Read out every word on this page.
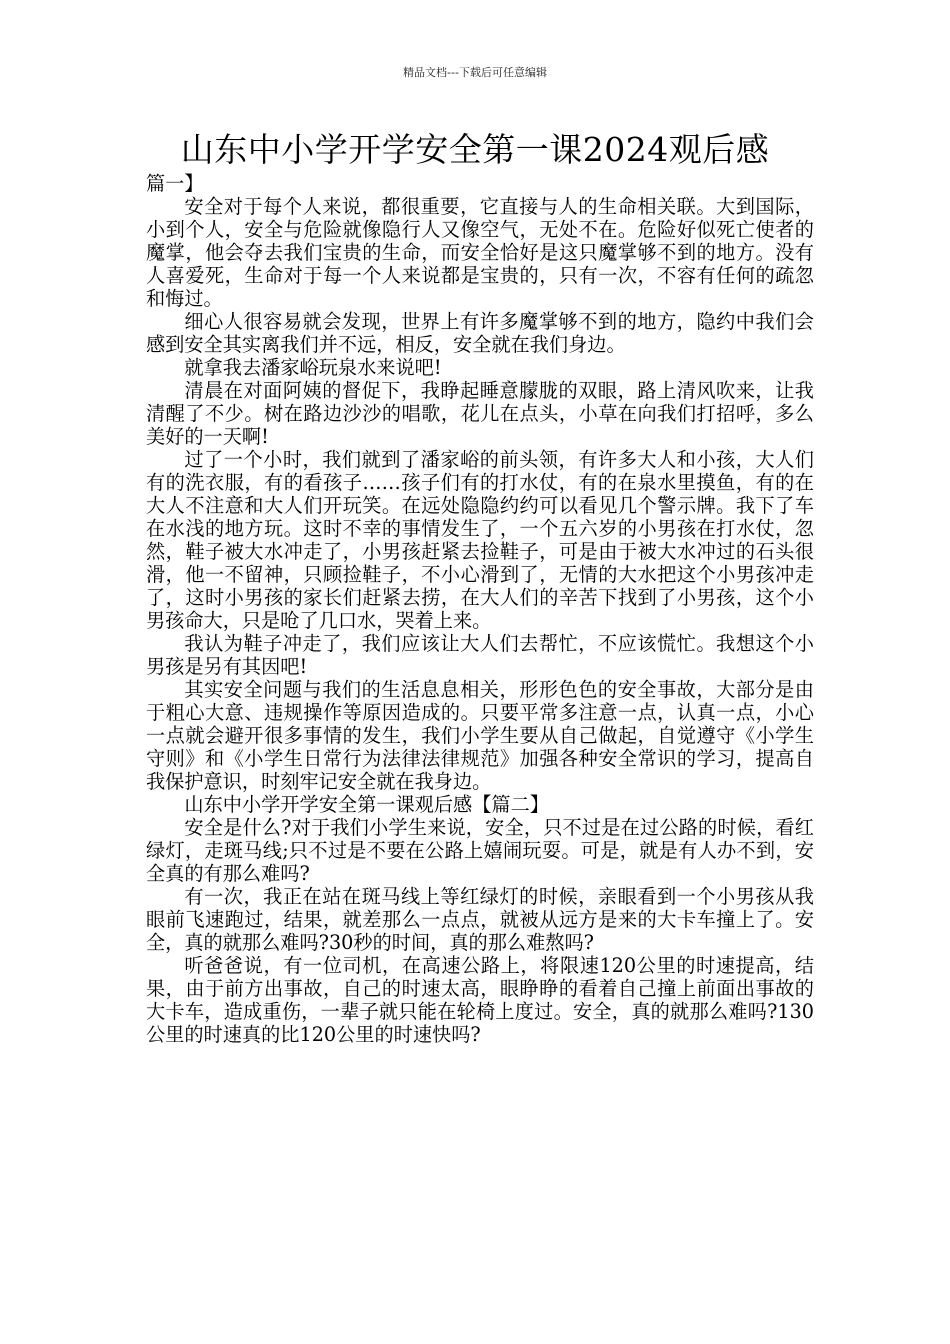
精品文档---下载后可任意编辑
山东中小学开学安全第一课2024观后感

篇一】

安全对于每个人来说，都很重要，它直接与人的生命相关联。大到国际，小到个人，安全与危险就像隐行人又像空气，无处不在。危险好似死亡使者的魔掌，他会夺去我们宝贵的生命，而安全恰好是这只魔掌够不到的地方。没有人喜爱死，生命对于每一个人来说都是宝贵的，只有一次，不容有任何的疏忽和悔过。

细心人很容易就会发现，世界上有许多魔掌够不到的地方，隐约中我们会感到安全其实离我们并不远，相反，安全就在我们身边。

就拿我去潘家峪玩泉水来说吧!

清晨在对面阿姨的督促下，我睁起睡意朦胧的双眼，路上清风吹来，让我清醒了不少。树在路边沙沙的唱歌，花儿在点头，小草在向我们打招呼，多么美好的一天啊!

过了一个小时，我们就到了潘家峪的前头领，有许多大人和小孩，大人们有的洗衣服，有的看孩子……孩子们有的打水仗，有的在泉水里摸鱼，有的在大人不注意和大人们开玩笑。在远处隐隐约约可以看见几个警示牌。我下了车在水浅的地方玩。这时不幸的事情发生了，一个五六岁的小男孩在打水仗，忽然，鞋子被大水冲走了，小男孩赶紧去捡鞋子，可是由于被大水冲过的石头很滑，他一不留神，只顾捡鞋子，不小心滑到了，无情的大水把这个小男孩冲走了，这时小男孩的家长们赶紧去捞，在大人们的辛苦下找到了小男孩，这个小男孩命大，只是呛了几口水，哭着上来。

我认为鞋子冲走了，我们应该让大人们去帮忙，不应该慌忙。我想这个小男孩是另有其因吧!

其实安全问题与我们的生活息息相关，形形色色的安全事故，大部分是由于粗心大意、违规操作等原因造成的。只要平常多注意一点，认真一点，小心一点就会避开很多事情的发生，我们小学生要从自己做起，自觉遵守《小学生守则》和《小学生日常行为法律法律规范》加强各种安全常识的学习，提高自我保护意识，时刻牢记安全就在我身边。

山东中小学开学安全第一课观后感【篇二】

安全是什么?对于我们小学生来说，安全，只不过是在过公路的时候，看红绿灯，走斑马线;只不过是不要在公路上嬉闹玩耍。可是，就是有人办不到，安全真的有那么难吗?

有一次，我正在站在斑马线上等红绿灯的时候，亲眼看到一个小男孩从我眼前飞速跑过，结果，就差那么一点点，就被从远方是来的大卡车撞上了。安全，真的就那么难吗?30秒的时间，真的那么难熬吗?

听爸爸说，有一位司机，在高速公路上，将限速120公里的时速提高，结果，由于前方出事故，自己的时速太高，眼睁睁的看着自己撞上前面出事故的大卡车，造成重伤，一辈子就只能在轮椅上度过。安全，真的就那么难吗?130公里的时速真的比120公里的时速快吗?
